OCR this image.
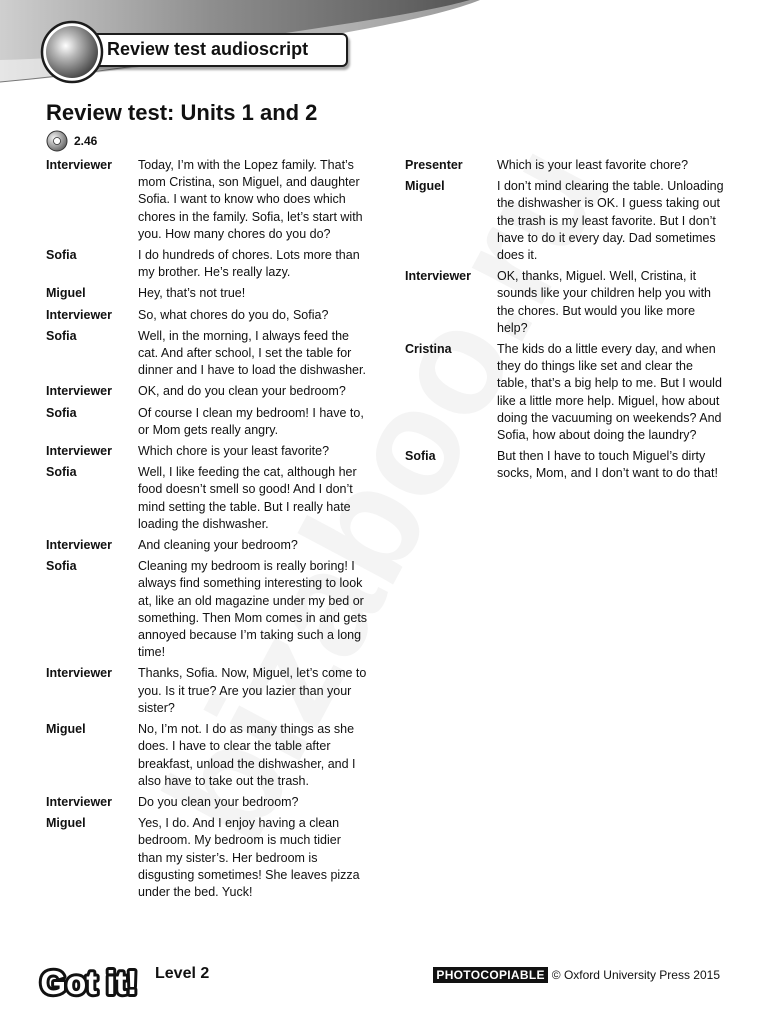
Review test audioscript
Review test: Units 1 and 2
2.46
Interviewer	Today, I’m with the Lopez family. That’s mom Cristina, son Miguel, and daughter Sofia. I want to know who does which chores in the family. Sofia, let’s start with you. How many chores do you do?
Sofia	I do hundreds of chores. Lots more than my brother. He’s really lazy.
Miguel	Hey, that’s not true!
Interviewer	So, what chores do you do, Sofia?
Sofia	Well, in the morning, I always feed the cat. And after school, I set the table for dinner and I have to load the dishwasher.
Interviewer	OK, and do you clean your bedroom?
Sofia	Of course I clean my bedroom! I have to, or Mom gets really angry.
Interviewer	Which chore is your least favorite?
Sofia	Well, I like feeding the cat, although her food doesn’t smell so good! And I don’t mind setting the table. But I really hate loading the dishwasher.
Interviewer	And cleaning your bedroom?
Sofia	Cleaning my bedroom is really boring! I always find something interesting to look at, like an old magazine under my bed or something. Then Mom comes in and gets annoyed because I’m taking such a long time!
Interviewer	Thanks, Sofia. Now, Miguel, let’s come to you. Is it true? Are you lazier than your sister?
Miguel	No, I’m not. I do as many things as she does. I have to clear the table after breakfast, unload the dishwasher, and I also have to take out the trash.
Interviewer	Do you clean your bedroom?
Miguel	Yes, I do. And I enjoy having a clean bedroom. My bedroom is much tidier than my sister’s. Her bedroom is disgusting sometimes! She leaves pizza under the bed. Yuck!
Presenter	Which is your least favorite chore?
Miguel	I don’t mind clearing the table. Unloading the dishwasher is OK. I guess taking out the trash is my least favorite. But I don’t have to do it every day. Dad sometimes does it.
Interviewer	OK, thanks, Miguel. Well, Cristina, it sounds like your children help you with the chores. But would you like more help?
Cristina	The kids do a little every day, and when they do things like set and clear the table, that’s a big help to me. But I would like a little more help. Miguel, how about doing the vacuuming on weekends? And Sofia, how about doing the laundry?
Sofia	But then I have to touch Miguel’s dirty socks, Mom, and I don’t want to do that!
Got it! Level 2	PHOTOCOPIABLE © Oxford University Press 2015
